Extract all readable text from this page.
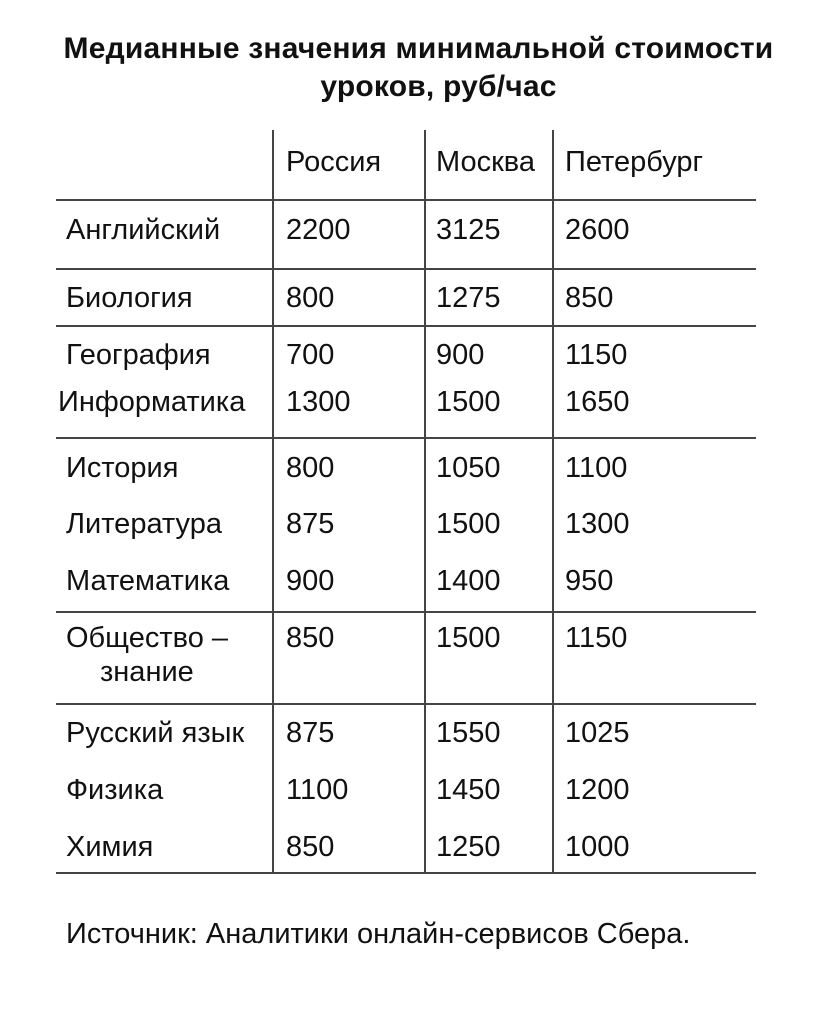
Медианные значения минимальной стоимости
уроков, руб/час
Россия Москва Петербург
Английский 2200	3125 2600
Биология	800	1275 850
География	700	900	1150
Информатика 1300	1500 1650
История	800	1050 1100
Литература 875	1500 1300
Математика 900	1400 950
Общество –
знание
850	1500 1150
Русский язык 875	1550 1025
Физика	1100	1450 1200
Химия	850	1250 1000
Источник: Аналитики онлайн-сервисов Сбера.
